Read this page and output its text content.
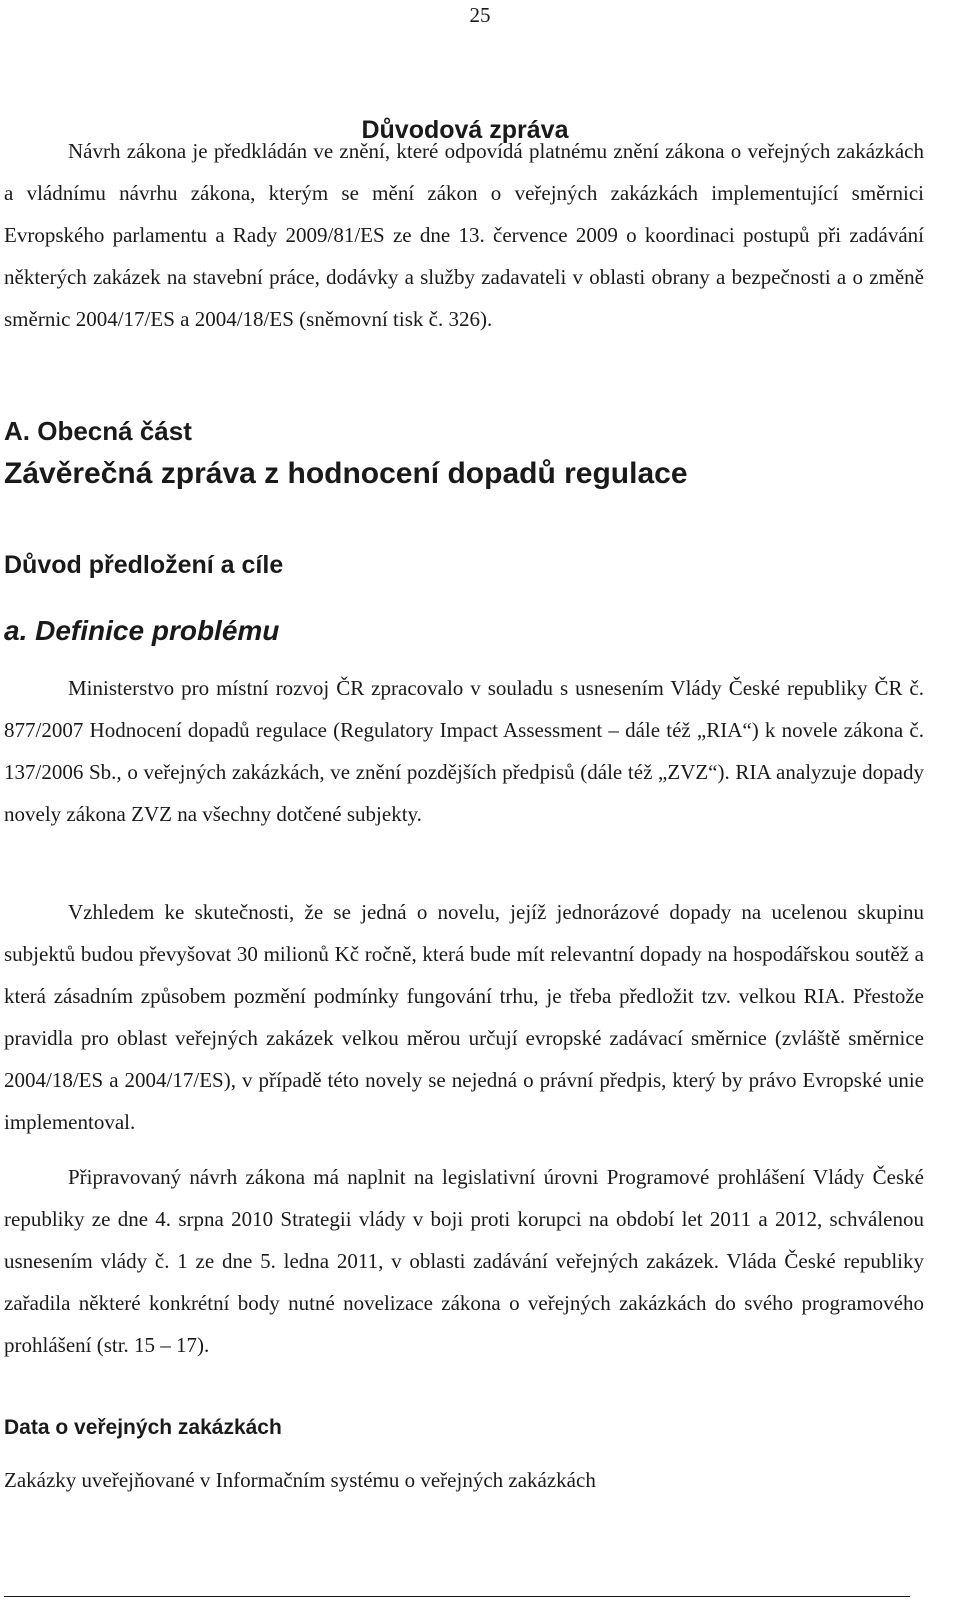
25
Důvodová zpráva

Návrh zákona je předkládán ve znění, které odpovídá platnému znění zákona o veřejných zakázkách a vládnímu návrhu zákona, kterým se mění zákon o veřejných zakázkách implementující směrnici Evropského parlamentu a Rady 2009/81/ES ze dne 13. července 2009 o koordinaci postupů při zadávání některých zakázek na stavební práce, dodávky a služby zadavateli v oblasti obrany a bezpečnosti a o změně směrnic 2004/17/ES a 2004/18/ES (sněmovní tisk č. 326).

A. Obecná část
Závěrečná zpráva z hodnocení dopadů regulace
Důvod předložení a cíle
a. Definice problému

Ministerstvo pro místní rozvoj ČR zpracovalo v souladu s usnesením Vlády České republiky ČR č. 877/2007 Hodnocení dopadů regulace (Regulatory Impact Assessment – dále též „RIA“) k novele zákona č. 137/2006 Sb., o veřejných zakázkách, ve znění pozdějších předpisů (dále též „ZVZ“). RIA analyzuje dopady novely zákona ZVZ na všechny dotčené subjekty.

Vzhledem ke skutečnosti, že se jedná o novelu, jejíž jednorázové dopady na ucelenou skupinu subjektů budou převyšovat 30 milionů Kč ročně, která bude mít relevantní dopady na hospodářskou soutěž a která zásadním způsobem pozmění podmínky fungování trhu, je třeba předložit tzv. velkou RIA. Přestože pravidla pro oblast veřejných zakázek velkou měrou určují evropské zadávací směrnice (zvláště směrnice 2004/18/ES a 2004/17/ES), v případě této novely se nejedná o právní předpis, který by právo Evropské unie implementoval.

Připravovaný návrh zákona má naplnit na legislativní úrovni Programové prohlášení Vlády České republiky ze dne 4. srpna 2010 Strategii vlády v boji proti korupci na období let 2011 a 2012, schválenou usnesením vlády č. 1 ze dne 5. ledna 2011, v oblasti zadávání veřejných zakázek. Vláda České republiky zařadila některé konkrétní body nutné novelizace zákona o veřejných zakázkách do svého programového prohlášení (str. 15 – 17).

Data o veřejných zakázkách

Zakázky uveřejňované v Informačním systému o veřejných zakázkách
